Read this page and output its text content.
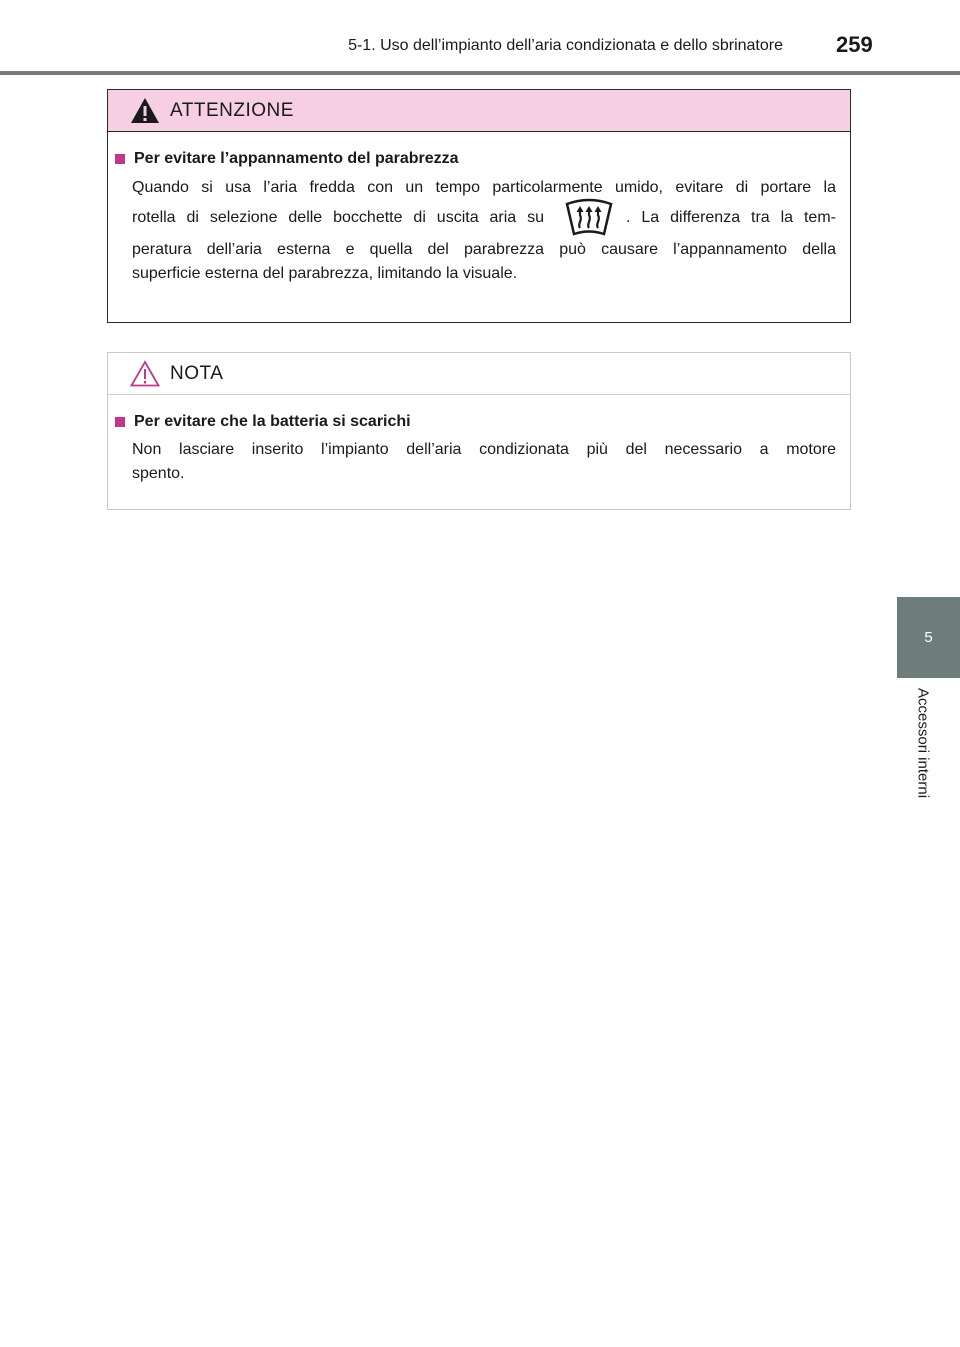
5-1. Uso dell’impianto dell’aria condizionata e dello sbrinatore 259
5
Accessori interni
ATTENZIONE
Per evitare l’appannamento del parabrezza
Quando si usa l’aria fredda con un tempo particolarmente umido, evitare di portare la
rotella di selezione delle bocchette di uscita aria su	. La differenza tra la tem-
peratura dell’aria esterna e quella del parabrezza può causare l’appannamento della
superficie esterna del parabrezza, limitando la visuale.
NOTA
Per evitare che la batteria si scarichi
Non lasciare inserito l’impianto dell’aria condizionata più del necessario a motore
spento.
